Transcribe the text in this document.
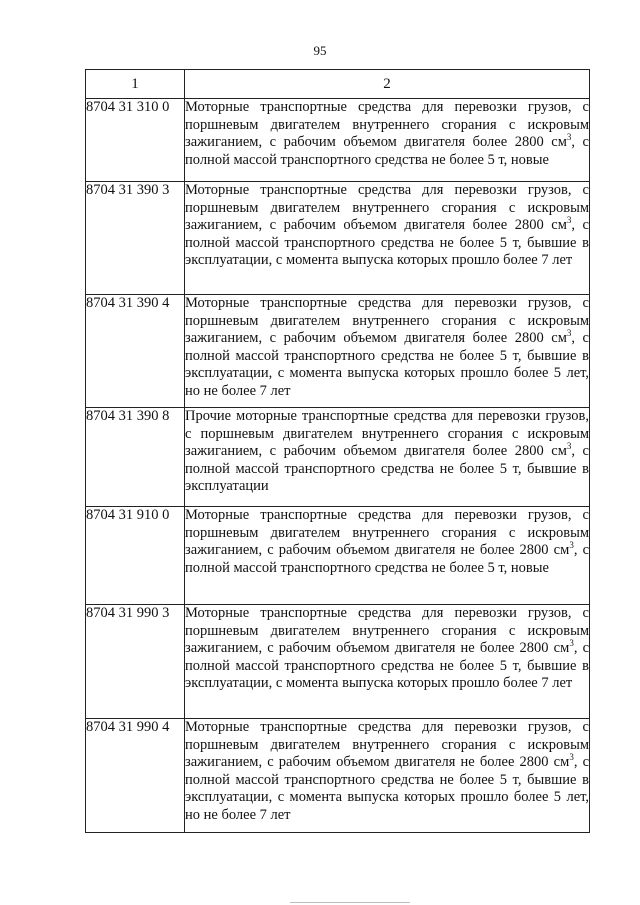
95
1	2
8704 31 310 0	Моторные транспортные средства для перевозки грузов, с поршневым двигателем внутреннего сгорания с искровым зажиганием, с рабочим объемом двигателя более 2800 $см^3$, с полной массой транспортного средства не более 5 т, новые
8704 31 390 3	Моторные транспортные средства для перевозки грузов, с поршневым двигателем внутреннего сгорания с искровым зажиганием, с рабочим объемом двигателя более 2800 $см^3$, с полной массой транспортного средства не более 5 т, бывшие в эксплуатации, с момента выпуска которых прошло более 7 лет
8704 31 390 4	Моторные транспортные средства для перевозки грузов, с поршневым двигателем внутреннего сгорания с искровым зажиганием, с рабочим объемом двигателя более 2800 $см^3$, с полной массой транспортного средства не более 5 т, бывшие в эксплуатации, с момента выпуска которых прошло более 5 лет, но не более 7 лет
8704 31 390 8	Прочие моторные транспортные средства для перевозки грузов, с поршневым двигателем внутреннего сгорания с искровым зажиганием, с рабочим объемом двигателя более 2800 $см^3$, с полной массой транспортного средства не более 5 т, бывшие в эксплуатации
8704 31 910 0	Моторные транспортные средства для перевозки грузов, с поршневым двигателем внутреннего сгорания с искровым зажиганием, с рабочим объемом двигателя не более 2800 $см^3$, с полной массой транспортного средства не более 5 т, новые
8704 31 990 3	Моторные транспортные средства для перевозки грузов, с поршневым двигателем внутреннего сгорания с искровым зажиганием, с рабочим объемом двигателя не более 2800 $см^3$, с полной массой транспортного средства не более 5 т, бывшие в эксплуатации, с момента выпуска которых прошло более 7 лет
8704 31 990 4	Моторные транспортные средства для перевозки грузов, с поршневым двигателем внутреннего сгорания с искровым зажиганием, с рабочим объемом двигателя не более 2800 $см^3$, с полной массой транспортного средства не более 5 т, бывшие в эксплуатации, с момента выпуска которых прошло более 5 лет, но не более 7 лет
